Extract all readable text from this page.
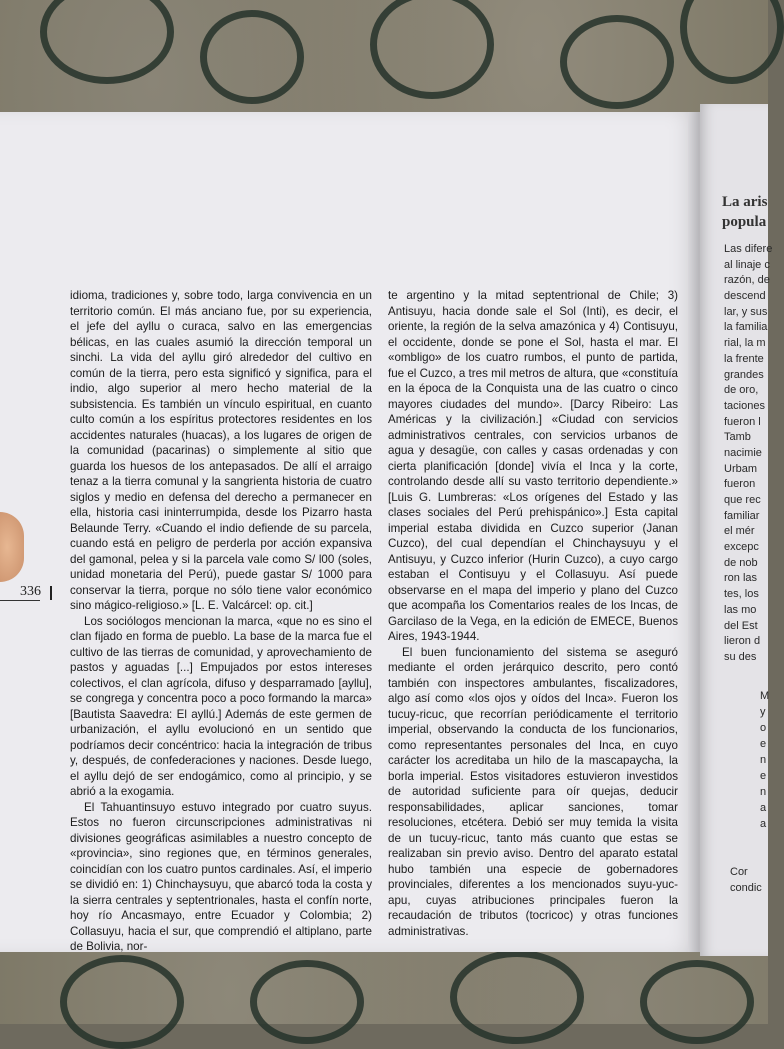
336

idioma, tradiciones y, sobre todo, larga convivencia en un territorio común. El más anciano fue, por su experiencia, el jefe del ayllu o curaca, salvo en las emergencias bélicas, en las cuales asumió la dirección temporal un sinchi. La vida del ayllu giró alrededor del cultivo en común de la tierra, pero esta significó y significa, para el indio, algo superior al mero hecho material de la subsistencia. Es también un vínculo espiritual, en cuanto culto común a los espíritus protectores residentes en los accidentes naturales (huacas), a los lugares de origen de la comunidad (pacarinas) o simplemente al sitio que guarda los huesos de los antepasados. De allí el arraigo tenaz a la tierra comunal y la sangrienta historia de cuatro siglos y medio en defensa del derecho a permanecer en ella, historia casi ininterrumpida, desde los Pizarro hasta Belaunde Terry. «Cuando el indio defiende de su parcela, cuando está en peligro de perderla por acción expansiva del gamonal, pelea y si la parcela vale como S/ l00 (soles, unidad monetaria del Perú), puede gastar S/ 1000 para conservar la tierra, porque no sólo tiene valor económico sino mágico-religioso.» [L. E. Valcárcel: op. cit.]

Los sociólogos mencionan la marca, «que no es sino el clan fijado en forma de pueblo. La base de la marca fue el cultivo de las tierras de comunidad, y aprovechamiento de pastos y aguadas [...] Empujados por estos intereses colectivos, el clan agrícola, difuso y desparramado [ayllu], se congrega y concentra poco a poco formando la marca» [Bautista Saavedra: El ayllú.] Además de este germen de urbanización, el ayllu evolucionó en un sentido que podríamos decir concéntrico: hacia la integración de tribus y, después, de confederaciones y naciones. Desde luego, el ayllu dejó de ser endogámico, como al principio, y se abrió a la exogamia.

El Tahuantinsuyo estuvo integrado por cuatro suyus. Estos no fueron circunscripciones administrativas ni divisiones geográficas asimilables a nuestro concepto de «provincia», sino regiones que, en términos generales, coincidían con los cuatro puntos cardinales. Así, el imperio se dividió en: 1) Chinchaysuyu, que abarcó toda la costa y la sierra centrales y septentrionales, hasta el confín norte, hoy río Ancasmayo, entre Ecuador y Colombia; 2) Collasuyu, hacia el sur, que comprendió el altiplano, parte de Bolivia, nor-

te argentino y la mitad septentrional de Chile; 3) Antisuyu, hacia donde sale el Sol (Inti), es decir, el oriente, la región de la selva amazónica y 4) Contisuyu, el occidente, donde se pone el Sol, hasta el mar. El «ombligo» de los cuatro rumbos, el punto de partida, fue el Cuzco, a tres mil metros de altura, que «constituía en la época de la Conquista una de las cuatro o cinco mayores ciudades del mundo». [Darcy Ribeiro: Las Américas y la civilización.] «Ciudad con servicios administrativos centrales, con servicios urbanos de agua y desagüe, con calles y casas ordenadas y con cierta planificación [donde] vivía el Inca y la corte, controlando desde allí su vasto territorio dependiente.» [Luis G. Lumbreras: «Los orígenes del Estado y las clases sociales del Perú prehispánico».] Esta capital imperial estaba dividida en Cuzco superior (Janan Cuzco), del cual dependían el Chinchaysuyu y el Antisuyu, y Cuzco inferior (Hurin Cuzco), a cuyo cargo estaban el Contisuyu y el Collasuyu. Así puede observarse en el mapa del imperio y plano del Cuzco que acompaña los Comentarios reales de los Incas, de Garcilaso de la Vega, en la edición de EMECE, Buenos Aires, 1943-1944.

El buen funcionamiento del sistema se aseguró mediante el orden jerárquico descrito, pero contó también con inspectores ambulantes, fiscalizadores, algo así como «los ojos y oídos del Inca». Fueron los tucuy-ricuc, que recorrían periódicamente el territorio imperial, observando la conducta de los funcionarios, como representantes personales del Inca, en cuyo carácter los acreditaba un hilo de la mascapaycha, la borla imperial. Estos visitadores estuvieron investidos de autoridad suficiente para oír quejas, deducir responsabilidades, aplicar sanciones, tomar resoluciones, etcétera. Debió ser muy temida la visita de un tucuy-ricuc, tanto más cuanto que estas se realizaban sin previo aviso. Dentro del aparato estatal hubo también una especie de gobernadores provinciales, diferentes a los mencionados suyu-yuc-apu, cuyas atribuciones principales fueron la recaudación de tributos (tocricoc) y otras funciones administrativas.

La aris
popula
Las difere
al linaje c
razón, de
descend
lar, y sus
la familia
rial, la m
la frente
grandes
de oro,
taciones
fueron l
Tamb
nacimie
Urbam
fueron
que rec
familiar
el mér
excepc
de nob
ron las
tes, los
las mo
del Est
lieron d
su des
M
y
o
e
n
e
n
a
a
Cor
condic
